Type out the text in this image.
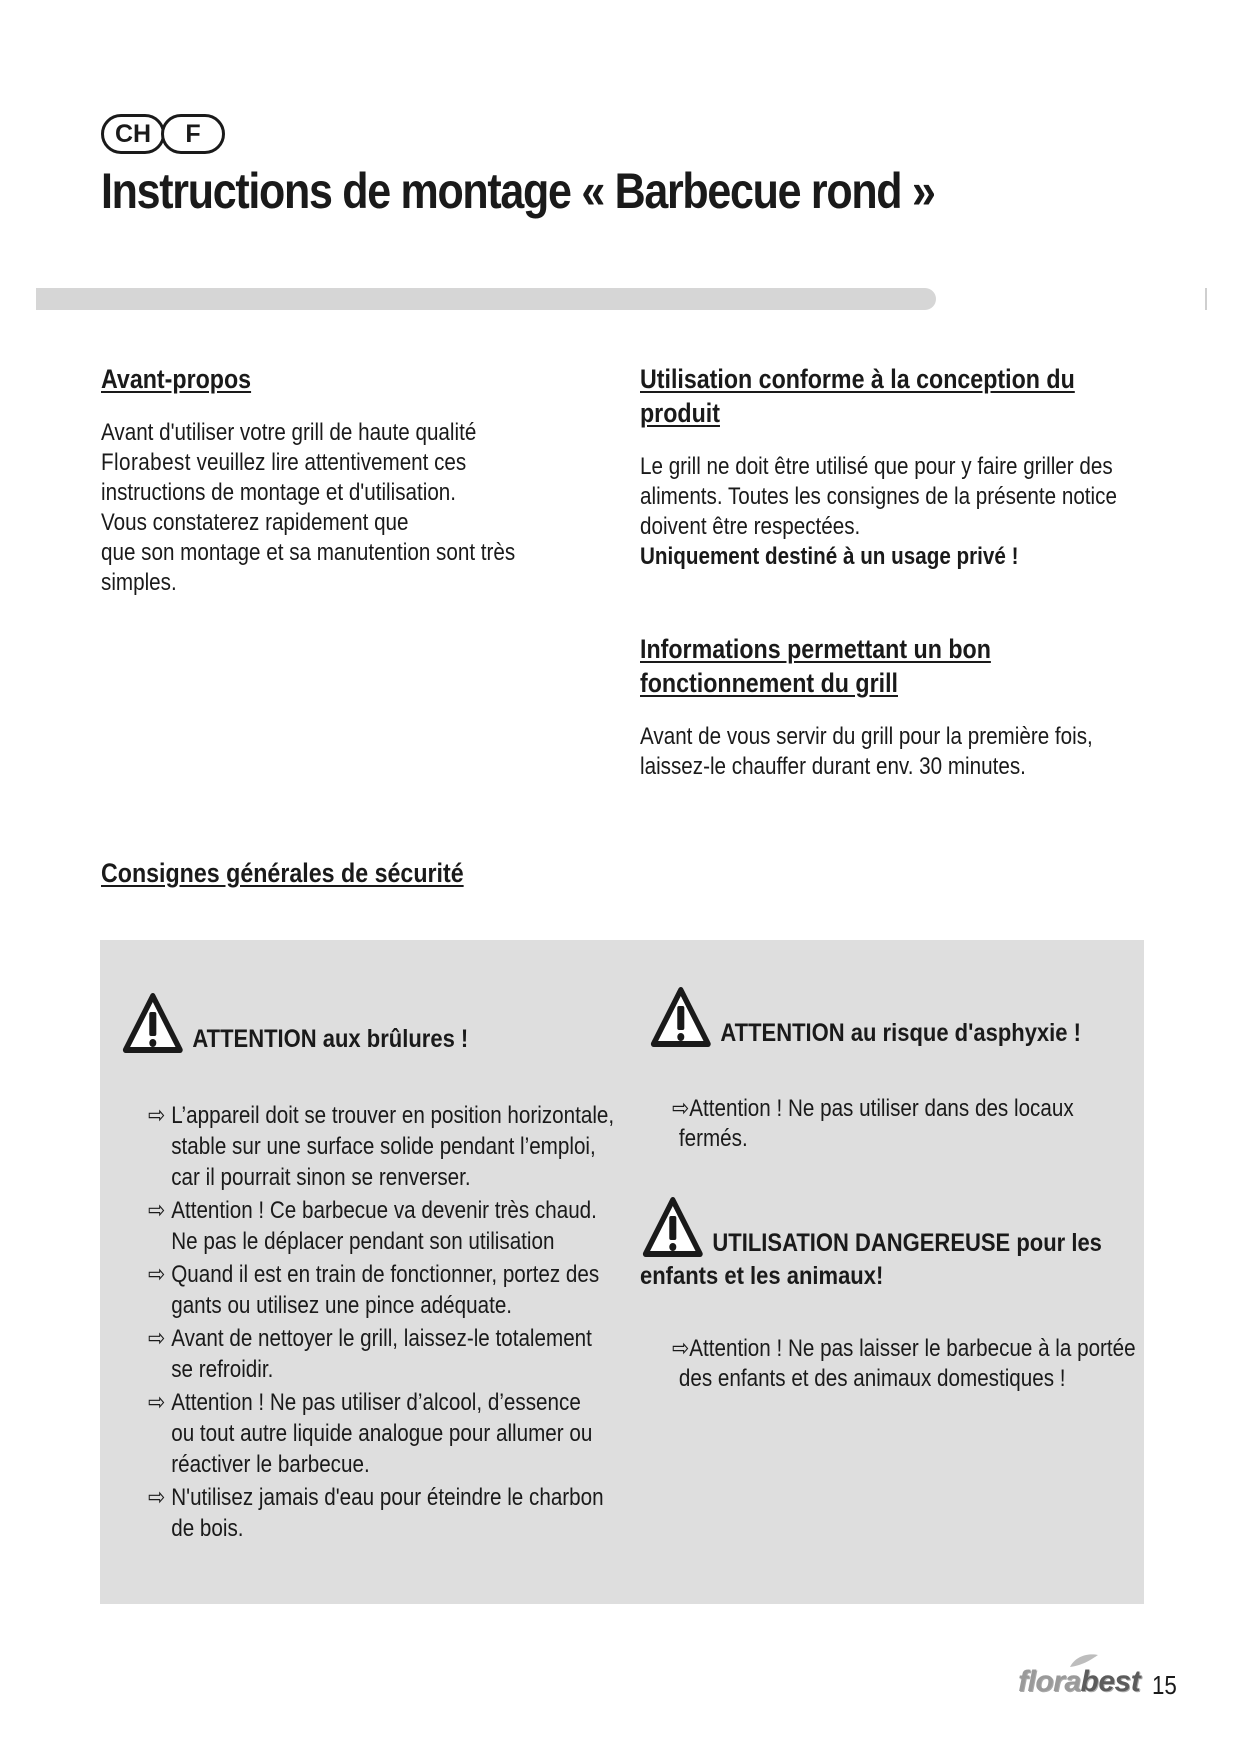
CH	F
Instructions de montage « Barbecue rond »
Avant-propos
Avant d'utiliser votre grill de haute qualité
Florabest veuillez lire attentivement ces
instructions de montage et d'utilisation.
Vous constaterez rapidement que
que son montage et sa manutention sont très
simples.
Utilisation conforme à la conception du produit
Le grill ne doit être utilisé que pour y faire griller des
aliments. Toutes les consignes de la présente notice
doivent être respectées.
Uniquement destiné à un usage privé !
Informations permettant un bon fonctionnement du grill
Avant de vous servir du grill pour la première fois,
laissez-le chauffer durant env. 30 minutes.
Consignes générales de sécurité
ATTENTION aux brûlures !
⇨ L’appareil doit se trouver en position horizontale,
stable sur une surface solide pendant l’emploi,
car il pourrait sinon se renverser.
⇨ Attention ! Ce barbecue va devenir très chaud.
Ne pas le déplacer pendant son utilisation
⇨ Quand il est en train de fonctionner, portez des
gants ou utilisez une pince adéquate.
⇨ Avant de nettoyer le grill, laissez-le totalement
se refroidir.
⇨ Attention ! Ne pas utiliser d’alcool, d’essence
ou tout autre liquide analogue pour allumer ou
réactiver le barbecue.
⇨ N'utilisez jamais d'eau pour éteindre le charbon
de bois.
ATTENTION au risque d'asphyxie !
⇨Attention ! Ne pas utiliser dans des locaux
fermés.
UTILISATION DANGEREUSE pour les
enfants et les animaux!
⇨Attention ! Ne pas laisser le barbecue à la portée
des enfants et des animaux domestiques !
florabest 15
